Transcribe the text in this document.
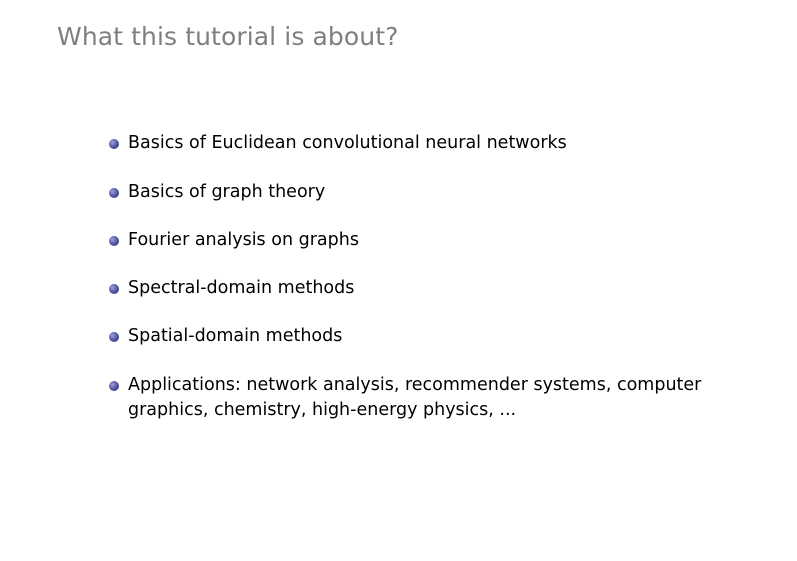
What this tutorial is about?
Basics of Euclidean convolutional neural networks
Basics of graph theory
Fourier analysis on graphs
Spectral-domain methods
Spatial-domain methods
Applications: network analysis, recommender systems, computer
graphics, chemistry, high-energy physics, ...
